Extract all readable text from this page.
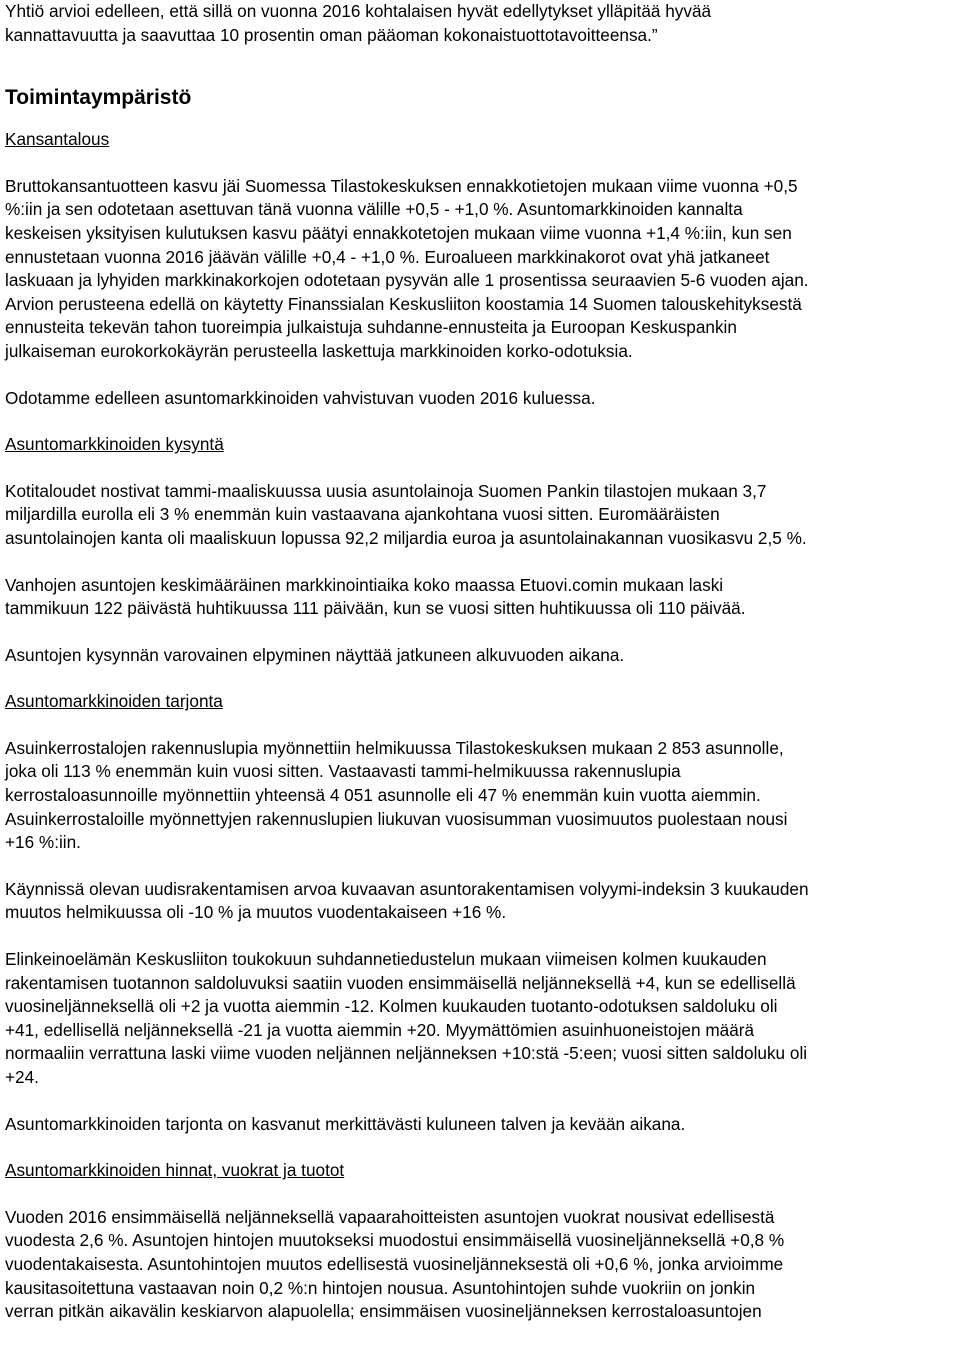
Yhtiö arvioi edelleen, että sillä on vuonna 2016 kohtalaisen hyvät edellytykset ylläpitää hyvää
kannattavuutta ja saavuttaa 10 prosentin oman pääoman kokonaistuottotavoitteensa.”
Toimintaympäristö
Kansantalous
Bruttokansantuotteen kasvu jäi Suomessa Tilastokeskuksen ennakkotietojen mukaan viime vuonna +0,5
%:iin ja sen odotetaan asettuvan tänä vuonna välille +0,5 - +1,0 %. Asuntomarkkinoiden kannalta
keskeisen yksityisen kulutuksen kasvu päätyi ennakkotetojen mukaan viime vuonna +1,4 %:iin, kun sen
ennustetaan vuonna 2016 jäävän välille +0,4 - +1,0 %. Euroalueen markkinakorot ovat yhä jatkaneet
laskuaan ja lyhyiden markkinakorkojen odotetaan pysyvän alle 1 prosentissa seuraavien 5-6 vuoden ajan.
Arvion perusteena edellä on käytetty Finanssialan Keskusliiton koostamia 14 Suomen talouskehityksestä
ennusteita tekevän tahon tuoreimpia julkaistuja suhdanne-ennusteita ja Euroopan Keskuspankin
julkaiseman eurokorkokäyrän perusteella laskettuja markkinoiden korko-odotuksia.
Odotamme edelleen asuntomarkkinoiden vahvistuvan vuoden 2016 kuluessa.
Asuntomarkkinoiden kysyntä
Kotitaloudet nostivat tammi-maaliskuussa uusia asuntolainoja Suomen Pankin tilastojen mukaan 3,7
miljardilla eurolla eli 3 % enemmän kuin vastaavana ajankohtana vuosi sitten. Euromääräisten
asuntolainojen kanta oli maaliskuun lopussa 92,2 miljardia euroa ja asuntolainakannan vuosikasvu 2,5 %.
Vanhojen asuntojen keskimääräinen markkinointiaika koko maassa Etuovi.comin mukaan laski
tammikuun 122 päivästä huhtikuussa 111 päivään, kun se vuosi sitten huhtikuussa oli 110 päivää.
Asuntojen kysynnän varovainen elpyminen näyttää jatkuneen alkuvuoden aikana.
Asuntomarkkinoiden tarjonta
Asuinkerrostalojen rakennuslupia myönnettiin helmikuussa Tilastokeskuksen mukaan 2 853 asunnolle,
joka oli 113 % enemmän kuin vuosi sitten. Vastaavasti tammi-helmikuussa rakennuslupia
kerrostaloasunnoille myönnettiin yhteensä 4 051 asunnolle eli 47 % enemmän kuin vuotta aiemmin.
Asuinkerrostaloille myönnettyjen rakennuslupien liukuvan vuosisumman vuosimuutos puolestaan nousi
+16 %:iin.
Käynnissä olevan uudisrakentamisen arvoa kuvaavan asuntorakentamisen volyymi-indeksin 3 kuukauden
muutos helmikuussa oli -10 % ja muutos vuodentakaiseen +16 %.
Elinkeinoelämän Keskusliiton toukokuun suhdannetiedustelun mukaan viimeisen kolmen kuukauden
rakentamisen tuotannon saldoluvuksi saatiin vuoden ensimmäisellä neljänneksellä +4, kun se edellisellä
vuosineljänneksellä oli +2 ja vuotta aiemmin -12. Kolmen kuukauden tuotanto-odotuksen saldoluku oli
+41, edellisellä neljänneksellä -21 ja vuotta aiemmin +20. Myymättömien asuinhuoneistojen määrä
normaaliin verrattuna laski viime vuoden neljännen neljänneksen +10:stä -5:een; vuosi sitten saldoluku oli
+24.
Asuntomarkkinoiden tarjonta on kasvanut merkittävästi kuluneen talven ja kevään aikana.
Asuntomarkkinoiden hinnat, vuokrat ja tuotot
Vuoden 2016 ensimmäisellä neljänneksellä vapaarahoitteisten asuntojen vuokrat nousivat edellisestä
vuodesta 2,6 %. Asuntojen hintojen muutokseksi muodostui ensimmäisellä vuosineljänneksellä +0,8 %
vuodentakaisesta. Asuntohintojen muutos edellisestä vuosineljänneksestä oli +0,6 %, jonka arvioimme
kausitasoitettuna vastaavan noin 0,2 %:n hintojen nousua. Asuntohintojen suhde vuokriin on jonkin
verran pitkän aikavälin keskiarvon alapuolella; ensimmäisen vuosineljänneksen kerrostaloasuntojen
